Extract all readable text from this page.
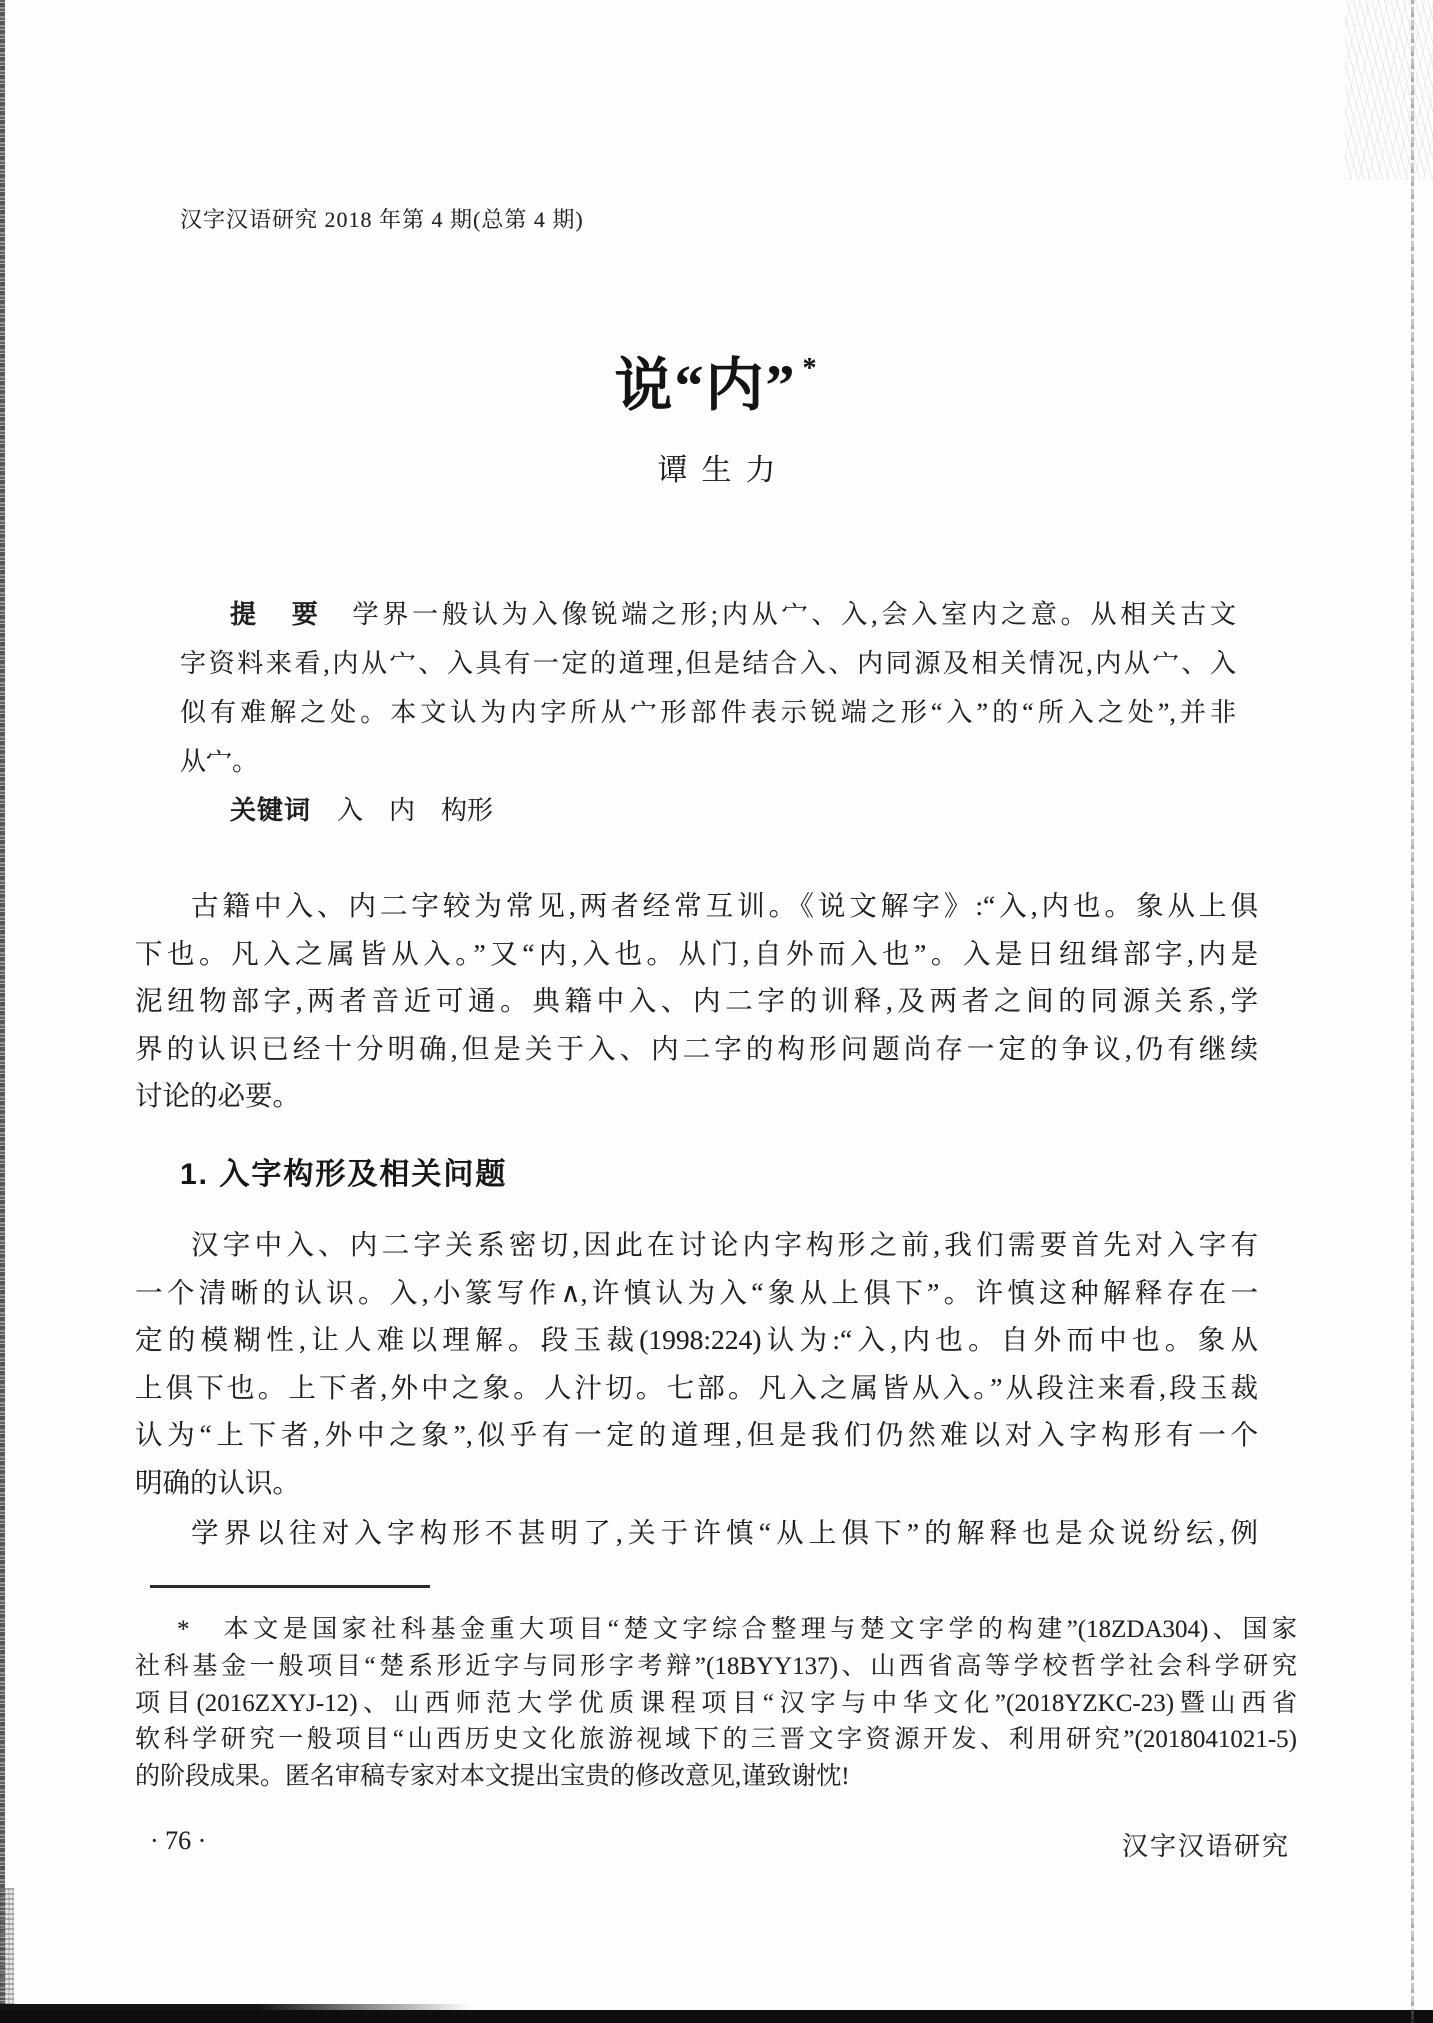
汉字汉语研究 2018 年第 4 期(总第 4 期)
说“内” *
谭生力
提　要　学界一般认为入像锐端之形;内从宀、入,会入室内之意。从相关古文
字资料来看,内从宀、入具有一定的道理,但是结合入、内同源及相关情况,内从宀、入
似有难解之处。本文认为内字所从宀形部件表示锐端之形“入”的“所入之处”,并非
从宀。
关键词　入　内　构形
古籍中入、内二字较为常见,两者经常互训。《说文解字》:“入,内也。象从上俱
下也。凡入之属皆从入。”又“内,入也。从门,自外而入也”。入是日纽缉部字,内是
泥纽物部字,两者音近可通。典籍中入、内二字的训释,及两者之间的同源关系,学
界的认识已经十分明确,但是关于入、内二字的构形问题尚存一定的争议,仍有继续
讨论的必要。
1. 入字构形及相关问题
汉字中入、内二字关系密切,因此在讨论内字构形之前,我们需要首先对入字有
一个清晰的认识。入,小篆写作∧,许慎认为入“象从上俱下”。许慎这种解释存在一
定的模糊性,让人难以理解。段玉裁(1998:224)认为:“入,内也。自外而中也。象从
上俱下也。上下者,外中之象。人汁切。七部。凡入之属皆从入。”从段注来看,段玉裁
认为“上下者,外中之象”,似乎有一定的道理,但是我们仍然难以对入字构形有一个
明确的认识。
学界以往对入字构形不甚明了,关于许慎“从上俱下”的解释也是众说纷纭,例
*　本文是国家社科基金重大项目“楚文字综合整理与楚文字学的构建”(18ZDA304)、国家
社科基金一般项目“楚系形近字与同形字考辩”(18BYY137)、山西省高等学校哲学社会科学研究
项目(2016ZXYJ-12)、山西师范大学优质课程项目“汉字与中华文化”(2018YZKC-23)暨山西省
软科学研究一般项目“山西历史文化旅游视域下的三晋文字资源开发、利用研究”(2018041021-5)
的阶段成果。匿名审稿专家对本文提出宝贵的修改意见,谨致谢忱!
· 76 ·	汉字汉语研究
